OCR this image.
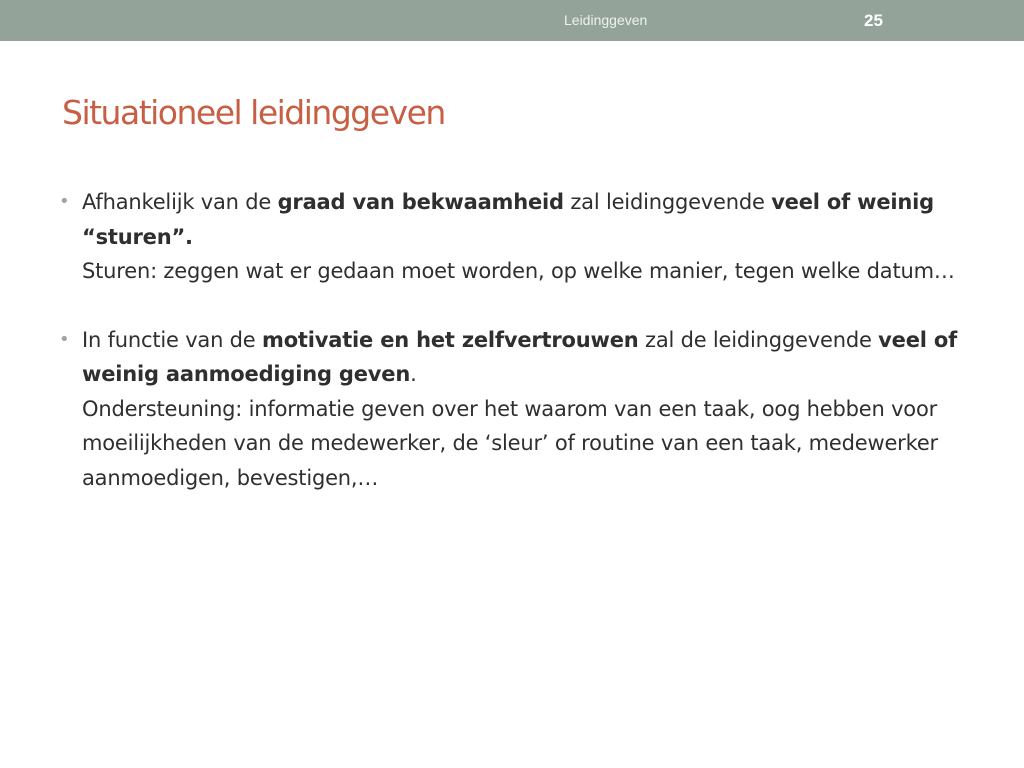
Leidinggeven	25
Situationeel leidinggeven
• Afhankelijk van de graad van bekwaamheid zal leidinggevende veel of weinig “sturen”.
Sturen: zeggen wat er gedaan moet worden, op welke manier, tegen welke datum…
• In functie van de motivatie en het zelfvertrouwen zal de leidinggevende veel of weinig aanmoediging geven.
Ondersteuning: informatie geven over het waarom van een taak, oog hebben voor moeilijkheden van de medewerker, de ‘sleur’ of routine van een taak, medewerker aanmoedigen, bevestigen,…
